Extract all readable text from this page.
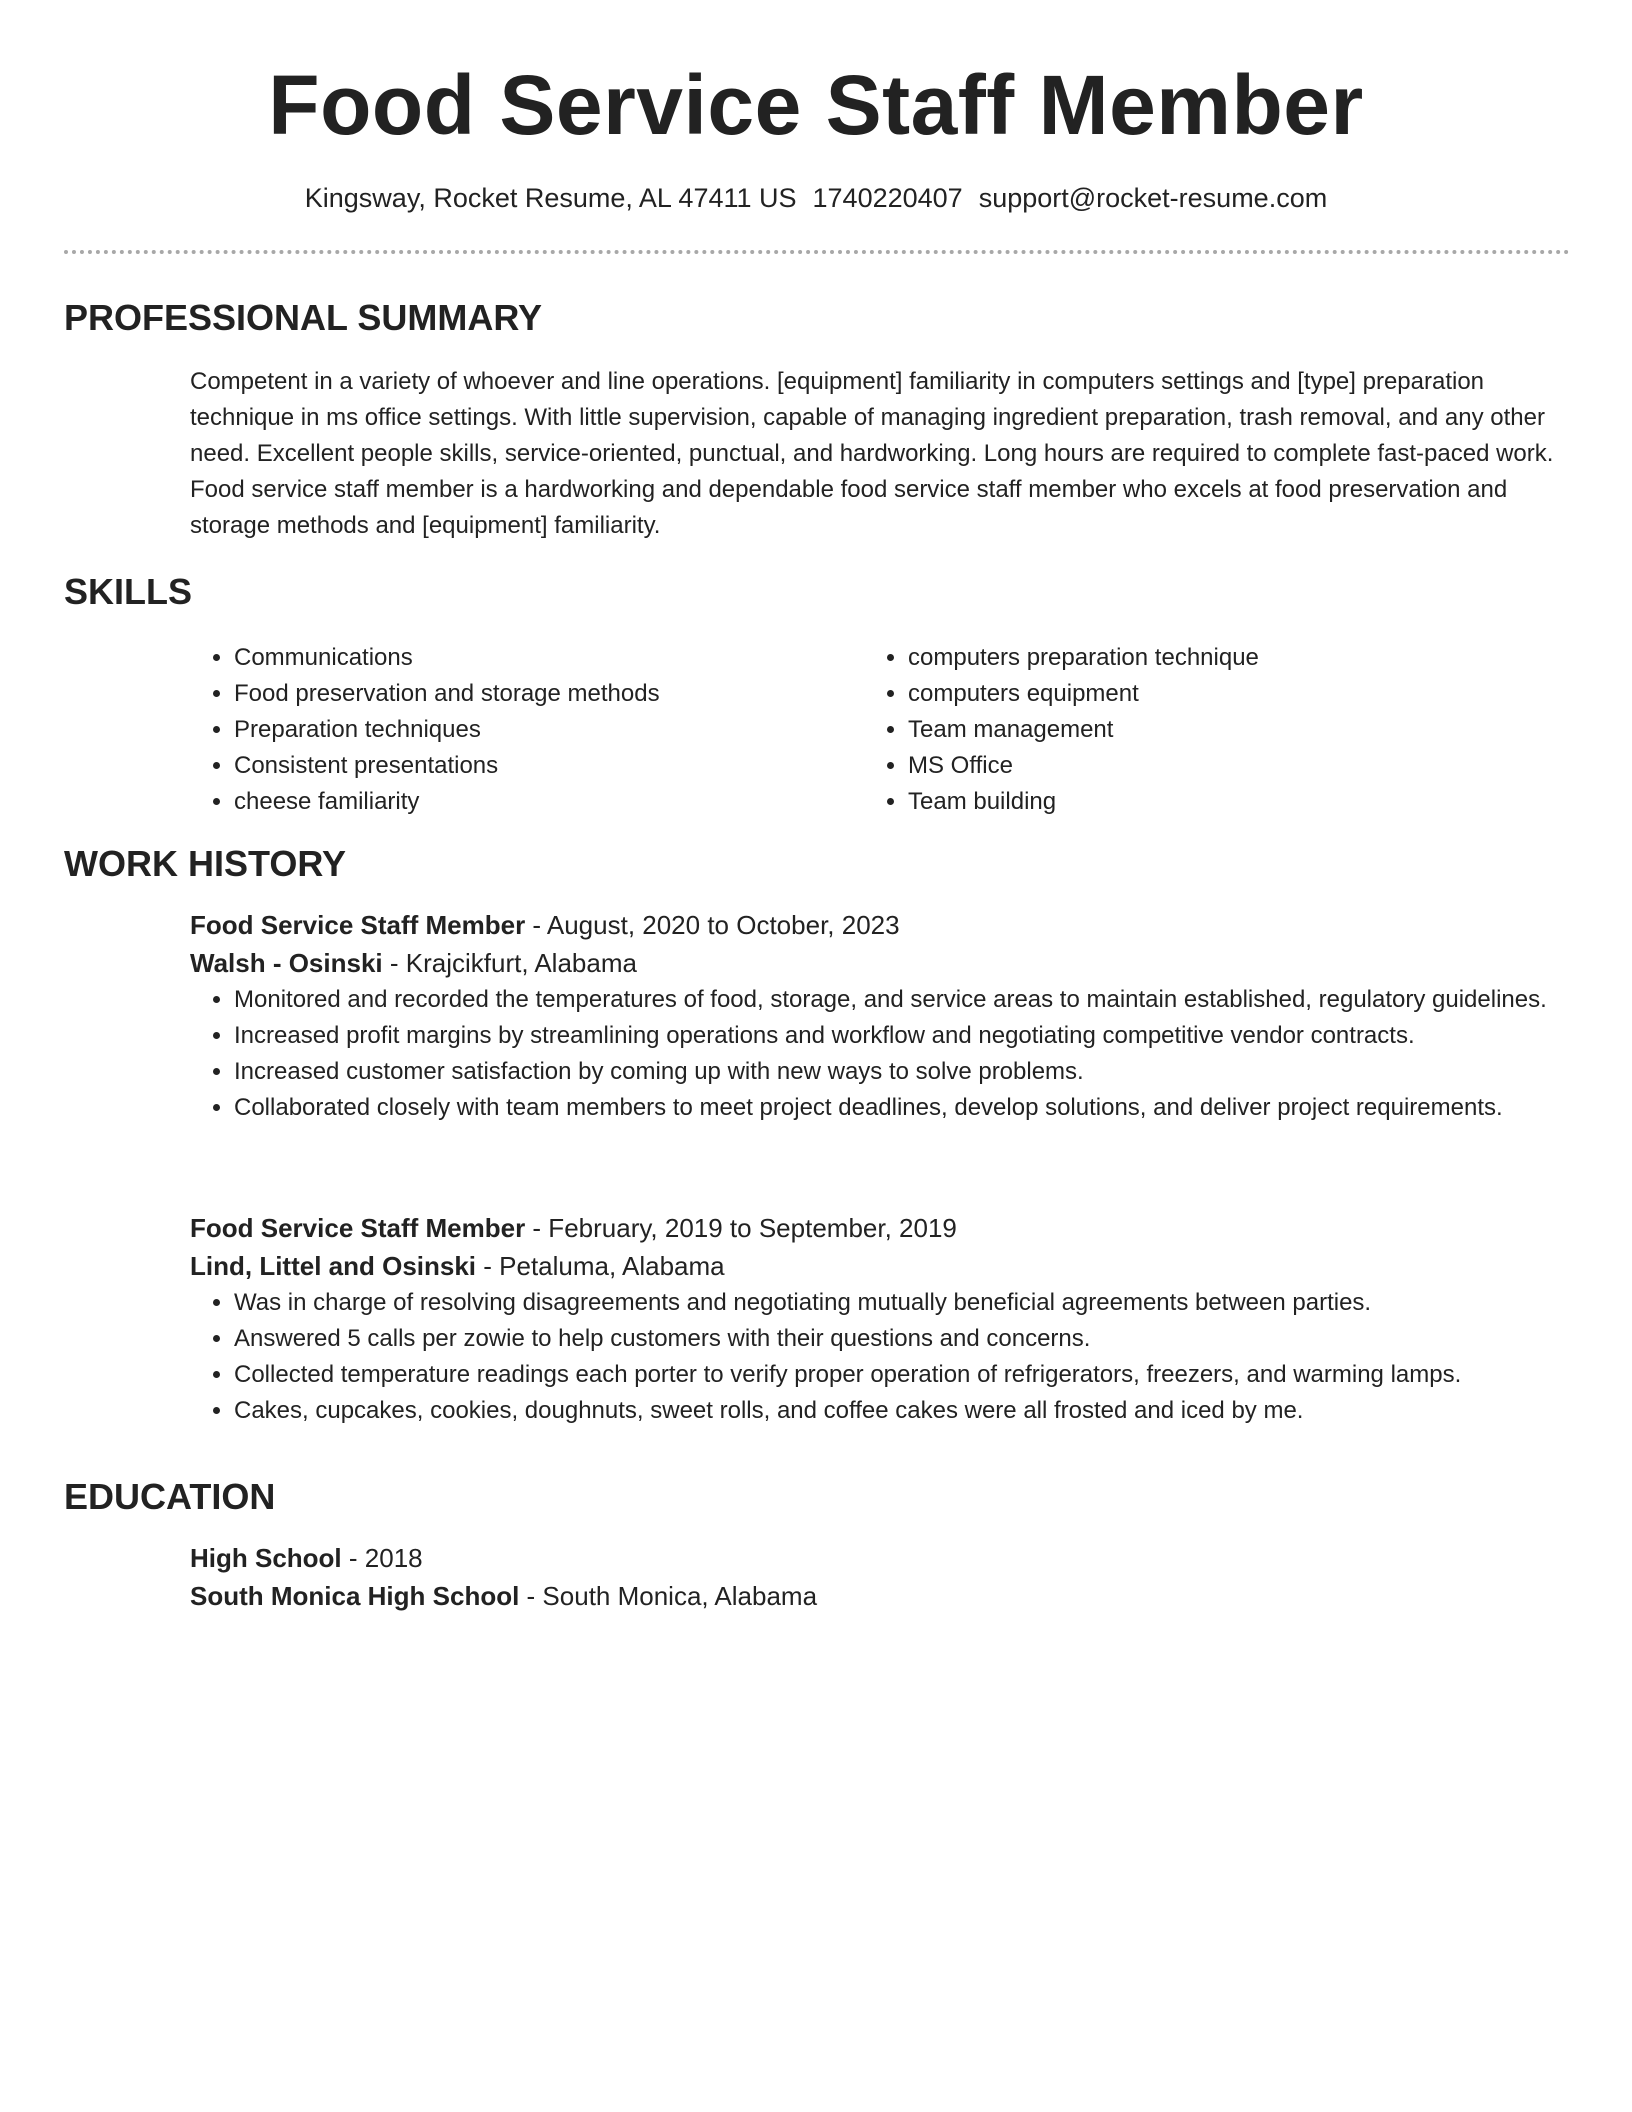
Food Service Staff Member
Kingsway, Rocket Resume, AL 47411 US 1740220407 support@rocket-resume.com
PROFESSIONAL SUMMARY

Competent in a variety of whoever and line operations. [equipment] familiarity in computers settings and [type] preparation technique in ms office settings. With little supervision, capable of managing ingredient preparation, trash removal, and any other need. Excellent people skills, service-oriented, punctual, and hardworking. Long hours are required to complete fast-paced work. Food service staff member is a hardworking and dependable food service staff member who excels at food preservation and storage methods and [equipment] familiarity.

SKILLS
• Communications
• Food preservation and storage methods
• Preparation techniques
• Consistent presentations
• cheese familiarity
• computers preparation technique
• computers equipment
• Team management
• MS Office
• Team building
WORK HISTORY
Food Service Staff Member - August, 2020 to October, 2023
Walsh - Osinski - Krajcikfurt, Alabama
• Monitored and recorded the temperatures of food, storage, and service areas to maintain established, regulatory guidelines.
• Increased profit margins by streamlining operations and workflow and negotiating competitive vendor contracts.
• Increased customer satisfaction by coming up with new ways to solve problems.
• Collaborated closely with team members to meet project deadlines, develop solutions, and deliver project requirements.
Food Service Staff Member - February, 2019 to September, 2019
Lind, Littel and Osinski - Petaluma, Alabama
• Was in charge of resolving disagreements and negotiating mutually beneficial agreements between parties.
• Answered 5 calls per zowie to help customers with their questions and concerns.
• Collected temperature readings each porter to verify proper operation of refrigerators, freezers, and warming lamps.
• Cakes, cupcakes, cookies, doughnuts, sweet rolls, and coffee cakes were all frosted and iced by me.
EDUCATION
High School - 2018
South Monica High School - South Monica, Alabama
